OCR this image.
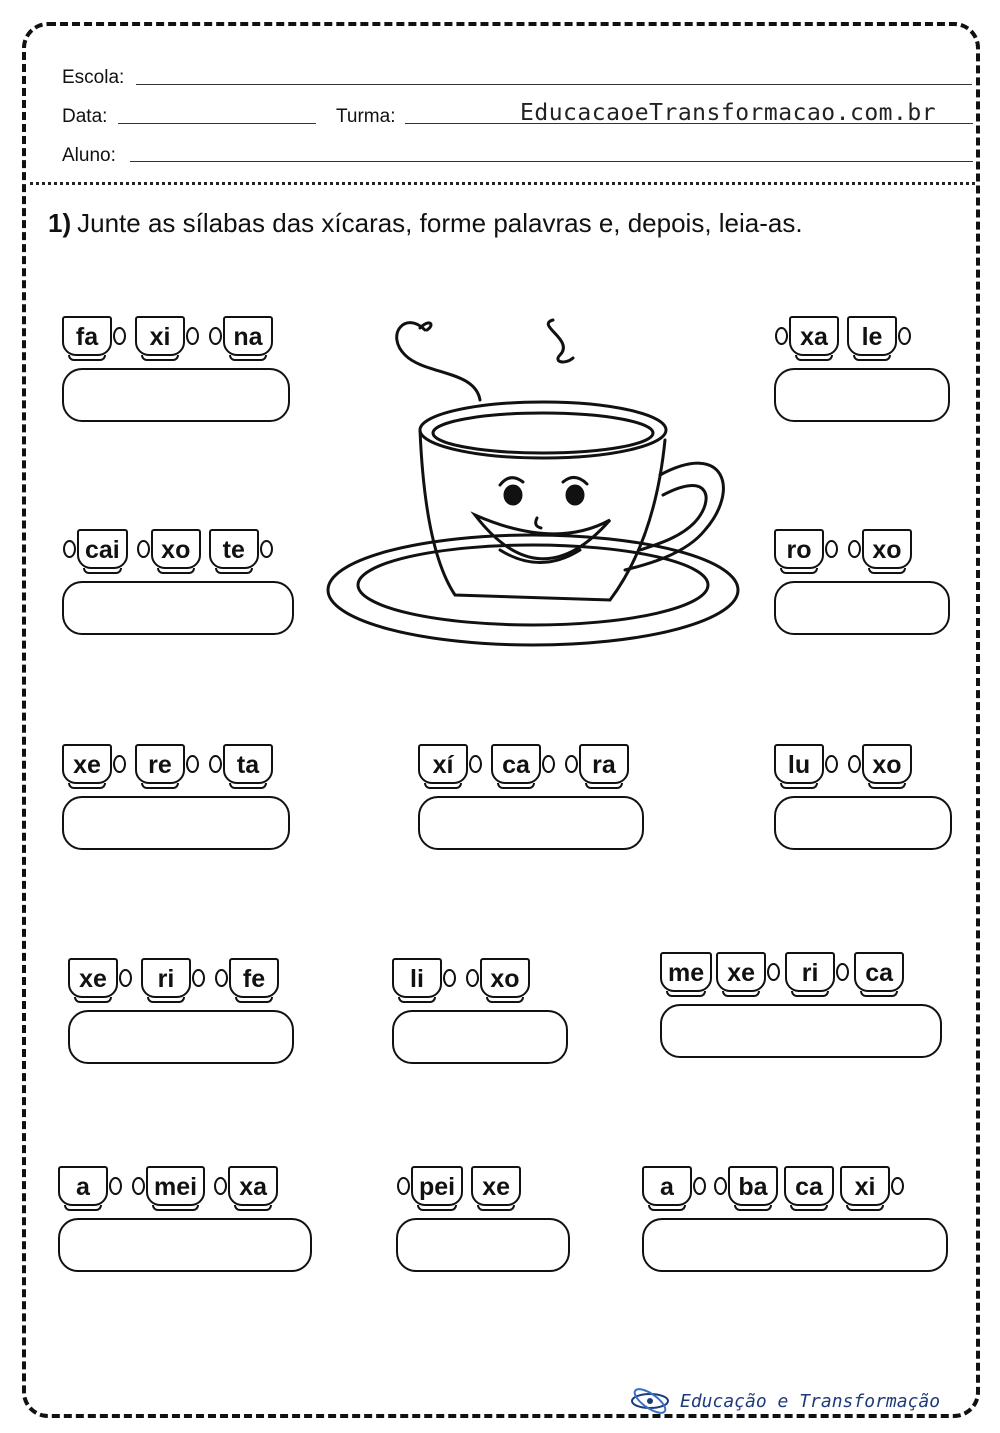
Escola:
Data:	Turma:	EducacaoeTransformacao.com.br
Aluno:
1) Junte as sílabas das xícaras, forme palavras e, depois, leia-as.
fa	xi	na	xa	le
cai	xo	te	ro	xo
xe	re	ta	xí	ca	ra	lu	xo
xe	ri	fe	li	xo	me xe	ri	ca
a	mei	xa	pei	xe	a	ba	ca	xi
Educação e Transformação
